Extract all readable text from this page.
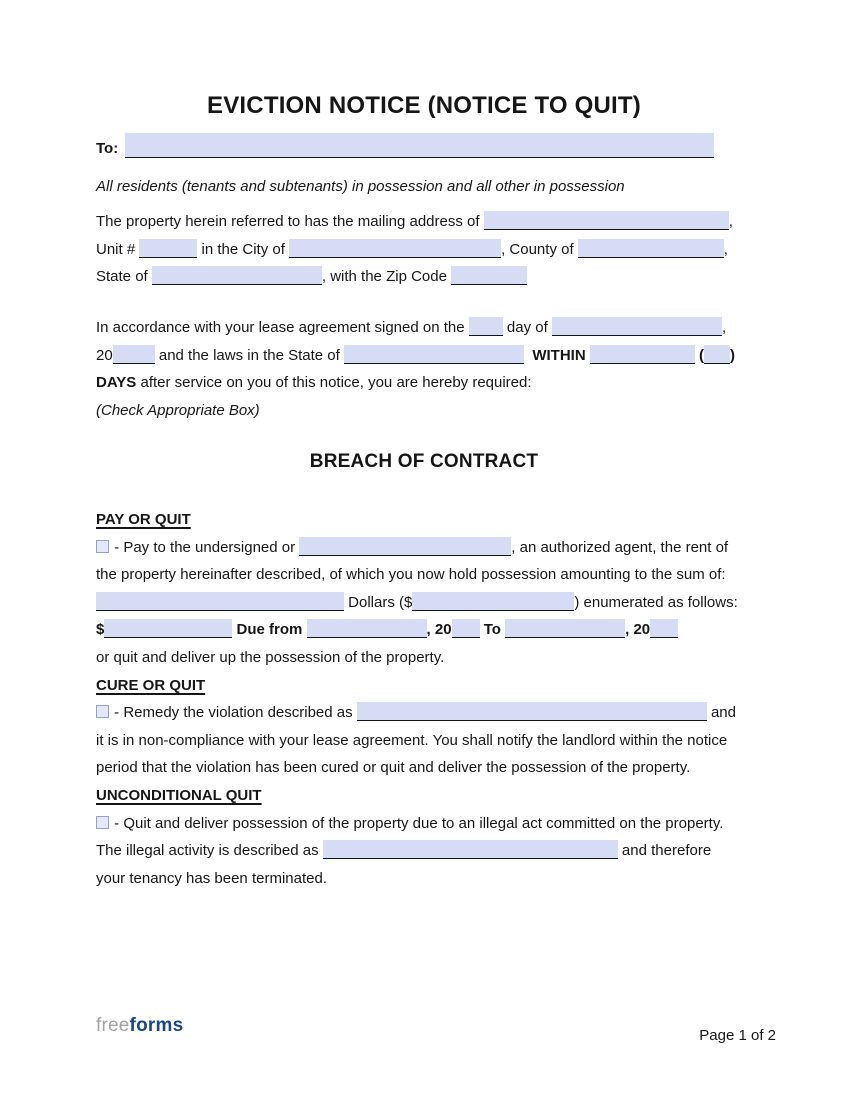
EVICTION NOTICE (NOTICE TO QUIT)
To:
All residents (tenants and subtenants) in possession and all other in possession
The property herein referred to has the mailing address of	,
Unit #	in the City of	, County of	,
State of	, with the Zip Code
In accordance with your lease agreement signed on the  day of	,
20	and the laws in the State of	WITHIN	( )
DAYS after service on you of this notice, you are hereby required:
(Check Appropriate Box)
BREACH OF CONTRACT
PAY OR QUIT
- Pay to the undersigned or	, an authorized agent, the rent of
the property hereinafter described, of which you now hold possession amounting to the sum of:
Dollars ($	) enumerated as follows:
$	Due from	, 20 To	, 20
or quit and deliver up the possession of the property.
CURE OR QUIT
- Remedy the violation described as	and
it is in non-compliance with your lease agreement. You shall notify the landlord within the notice
period that the violation has been cured or quit and deliver the possession of the property.
UNCONDITIONAL QUIT
- Quit and deliver possession of the property due to an illegal act committed on the property.
The illegal activity is described as	and therefore
your tenancy has been terminated.
freeforms	Page 1 of 2
